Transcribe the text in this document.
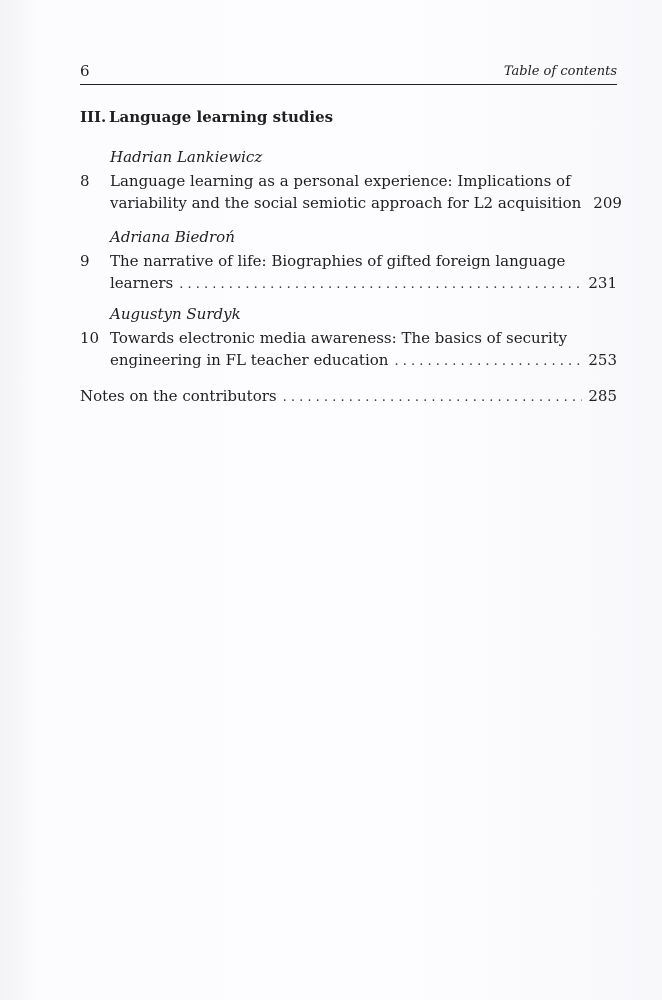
6	Table of contents
III. Language learning studies
Hadrian Lankiewicz
8 Language learning as a personal experience: Implications of
variability and the social semiotic approach for L2 acquisition 209
Adriana Biedroń
9 The narrative of life: Biographies of gifted foreign language
learners . . .	231
Augustyn Surdyk
10 Towards electronic media awareness: The basics of security
engineering in FL teacher education . . .	253
Notes on the contributors . . .	285
